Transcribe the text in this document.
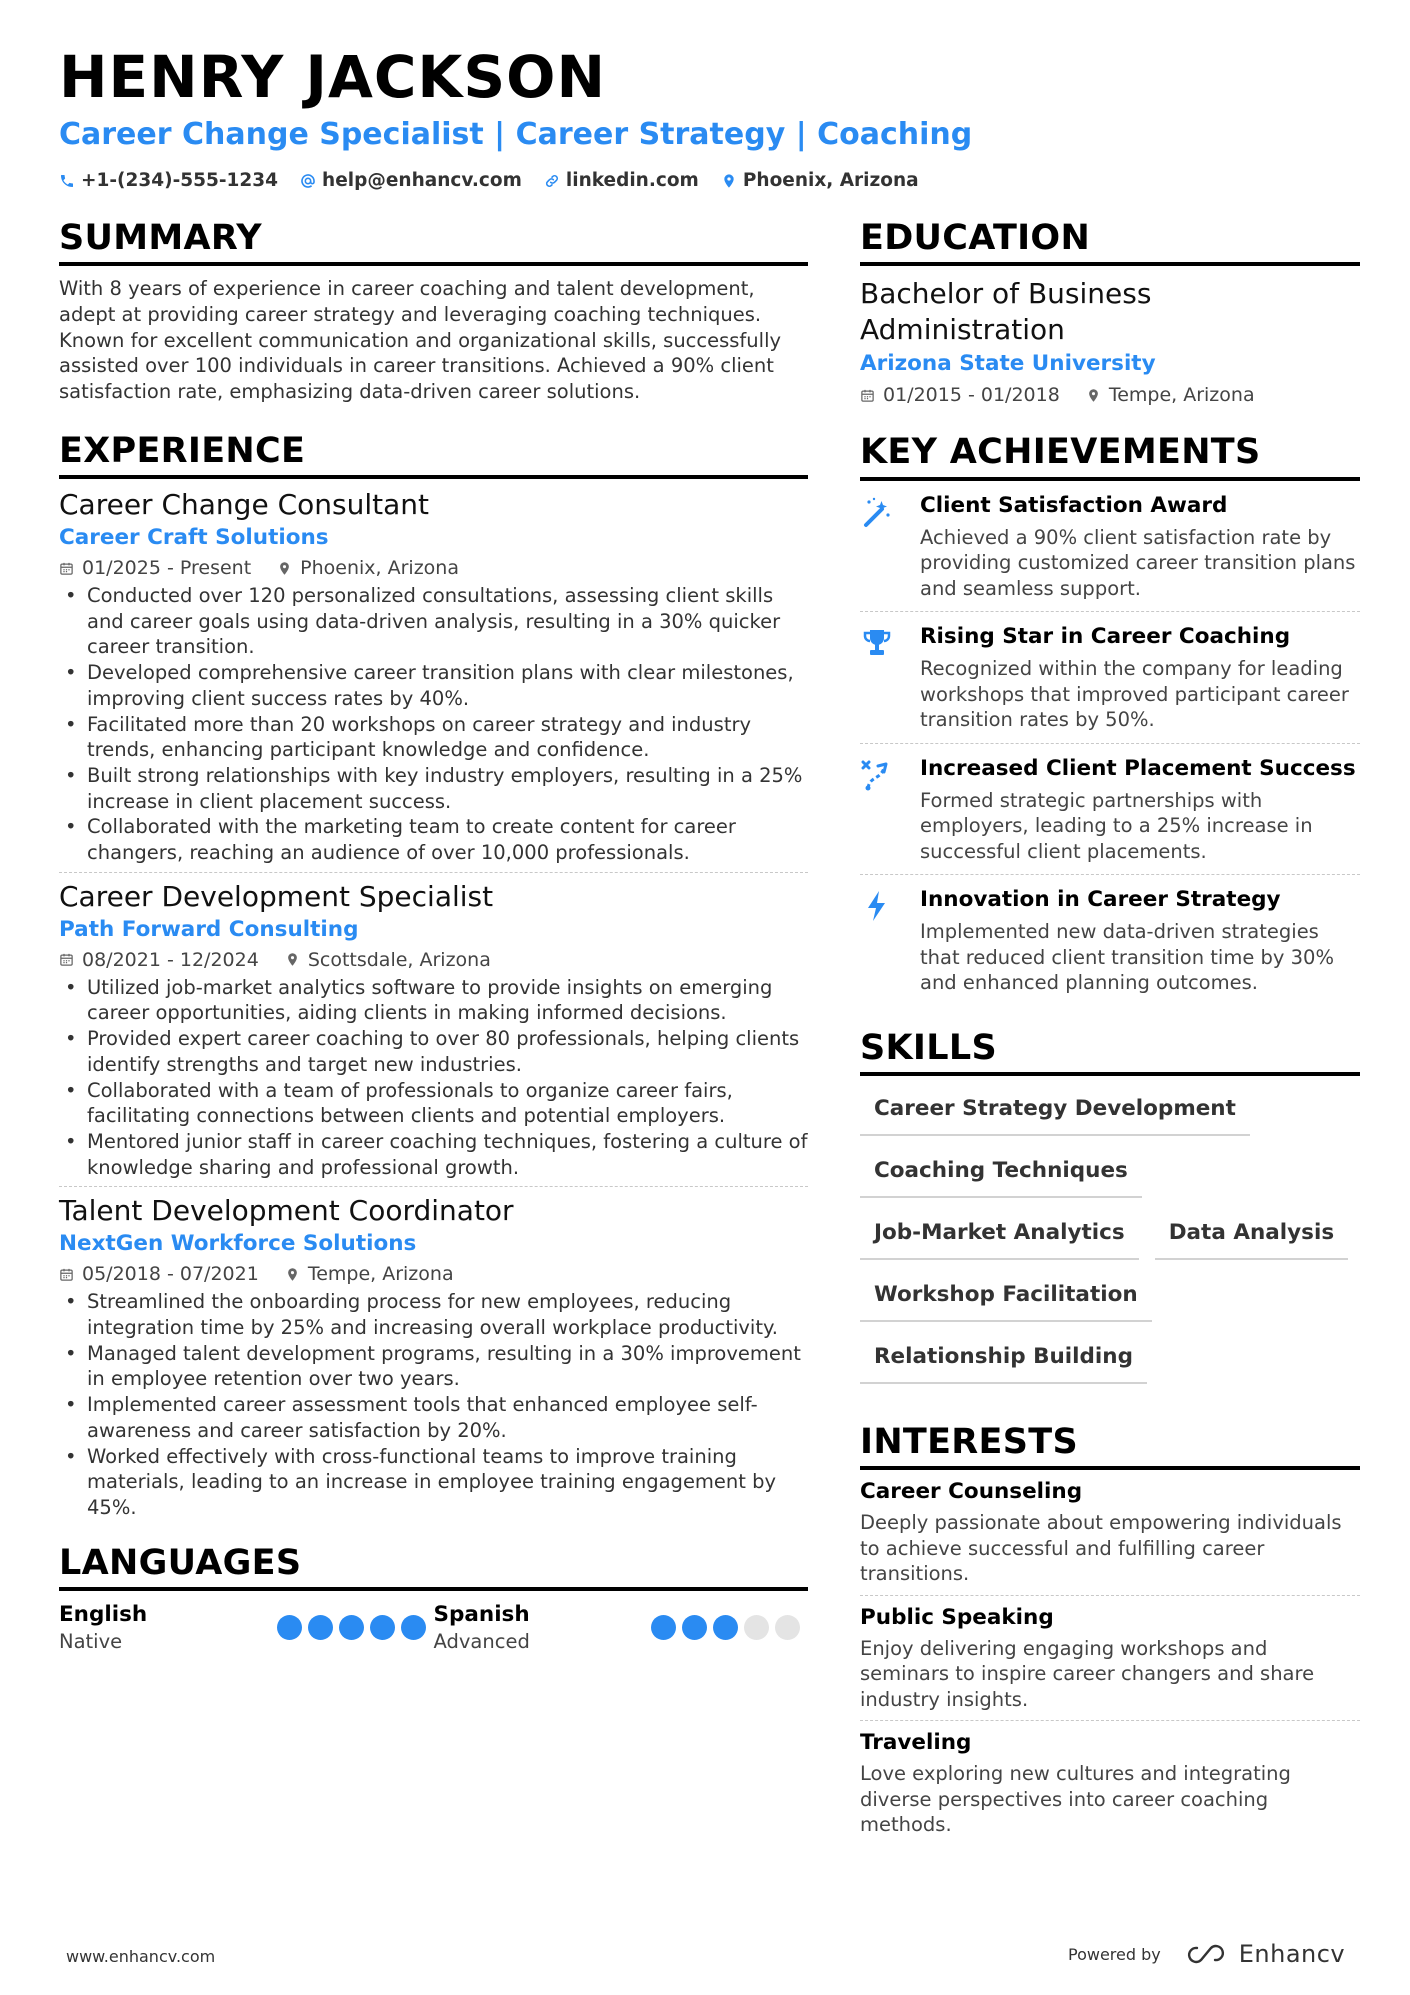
HENRY JACKSON
Career Change Specialist | Career Strategy | Coaching
+1-(234)-555-1234 help@enhancv.com linkedin.com Phoenix, Arizona
SUMMARY
With 8 years of experience in career coaching and talent development, adept at providing career strategy and leveraging coaching techniques. Known for excellent communication and organizational skills, successfully assisted over 100 individuals in career transitions. Achieved a 90% client satisfaction rate, emphasizing data-driven career solutions.
EXPERIENCE
Career Change Consultant
Career Craft Solutions
01/2025 - Present	Phoenix, Arizona
• Conducted over 120 personalized consultations, assessing client skills and career goals using data-driven analysis, resulting in a 30% quicker career transition.
• Developed comprehensive career transition plans with clear milestones, improving client success rates by 40%.
• Facilitated more than 20 workshops on career strategy and industry trends, enhancing participant knowledge and confidence.
• Built strong relationships with key industry employers, resulting in a 25% increase in client placement success.
• Collaborated with the marketing team to create content for career changers, reaching an audience of over 10,000 professionals.
Career Development Specialist
Path Forward Consulting
08/2021 - 12/2024	Scottsdale, Arizona
• Utilized job-market analytics software to provide insights on emerging career opportunities, aiding clients in making informed decisions.
• Provided expert career coaching to over 80 professionals, helping clients identify strengths and target new industries.
• Collaborated with a team of professionals to organize career fairs, facilitating connections between clients and potential employers.
• Mentored junior staff in career coaching techniques, fostering a culture of knowledge sharing and professional growth.
Talent Development Coordinator
NextGen Workforce Solutions
05/2018 - 07/2021	Tempe, Arizona
• Streamlined the onboarding process for new employees, reducing integration time by 25% and increasing overall workplace productivity.
• Managed talent development programs, resulting in a 30% improvement in employee retention over two years.
• Implemented career assessment tools that enhanced employee self-awareness and career satisfaction by 20%.
• Worked effectively with cross-functional teams to improve training materials, leading to an increase in employee training engagement by 45%.
LANGUAGES
English
Native
Spanish
Advanced
EDUCATION
Bachelor of Business Administration
Arizona State University
01/2015 - 01/2018	Tempe, Arizona
KEY ACHIEVEMENTS
Client Satisfaction Award
Achieved a 90% client satisfaction rate by providing customized career transition plans and seamless support.
Rising Star in Career Coaching
Recognized within the company for leading workshops that improved participant career transition rates by 50%.
Increased Client Placement Success
Formed strategic partnerships with employers, leading to a 25% increase in successful client placements.
Innovation in Career Strategy
Implemented new data-driven strategies that reduced client transition time by 30% and enhanced planning outcomes.
SKILLS
Career Strategy Development
Coaching Techniques
Job-Market Analytics	Data Analysis
Workshop Facilitation
Relationship Building
INTERESTS
Career Counseling
Deeply passionate about empowering individuals to achieve successful and fulfilling career transitions.
Public Speaking
Enjoy delivering engaging workshops and seminars to inspire career changers and share industry insights.
Traveling
Love exploring new cultures and integrating diverse perspectives into career coaching methods.
www.enhancv.com	Powered by	Enhancv
